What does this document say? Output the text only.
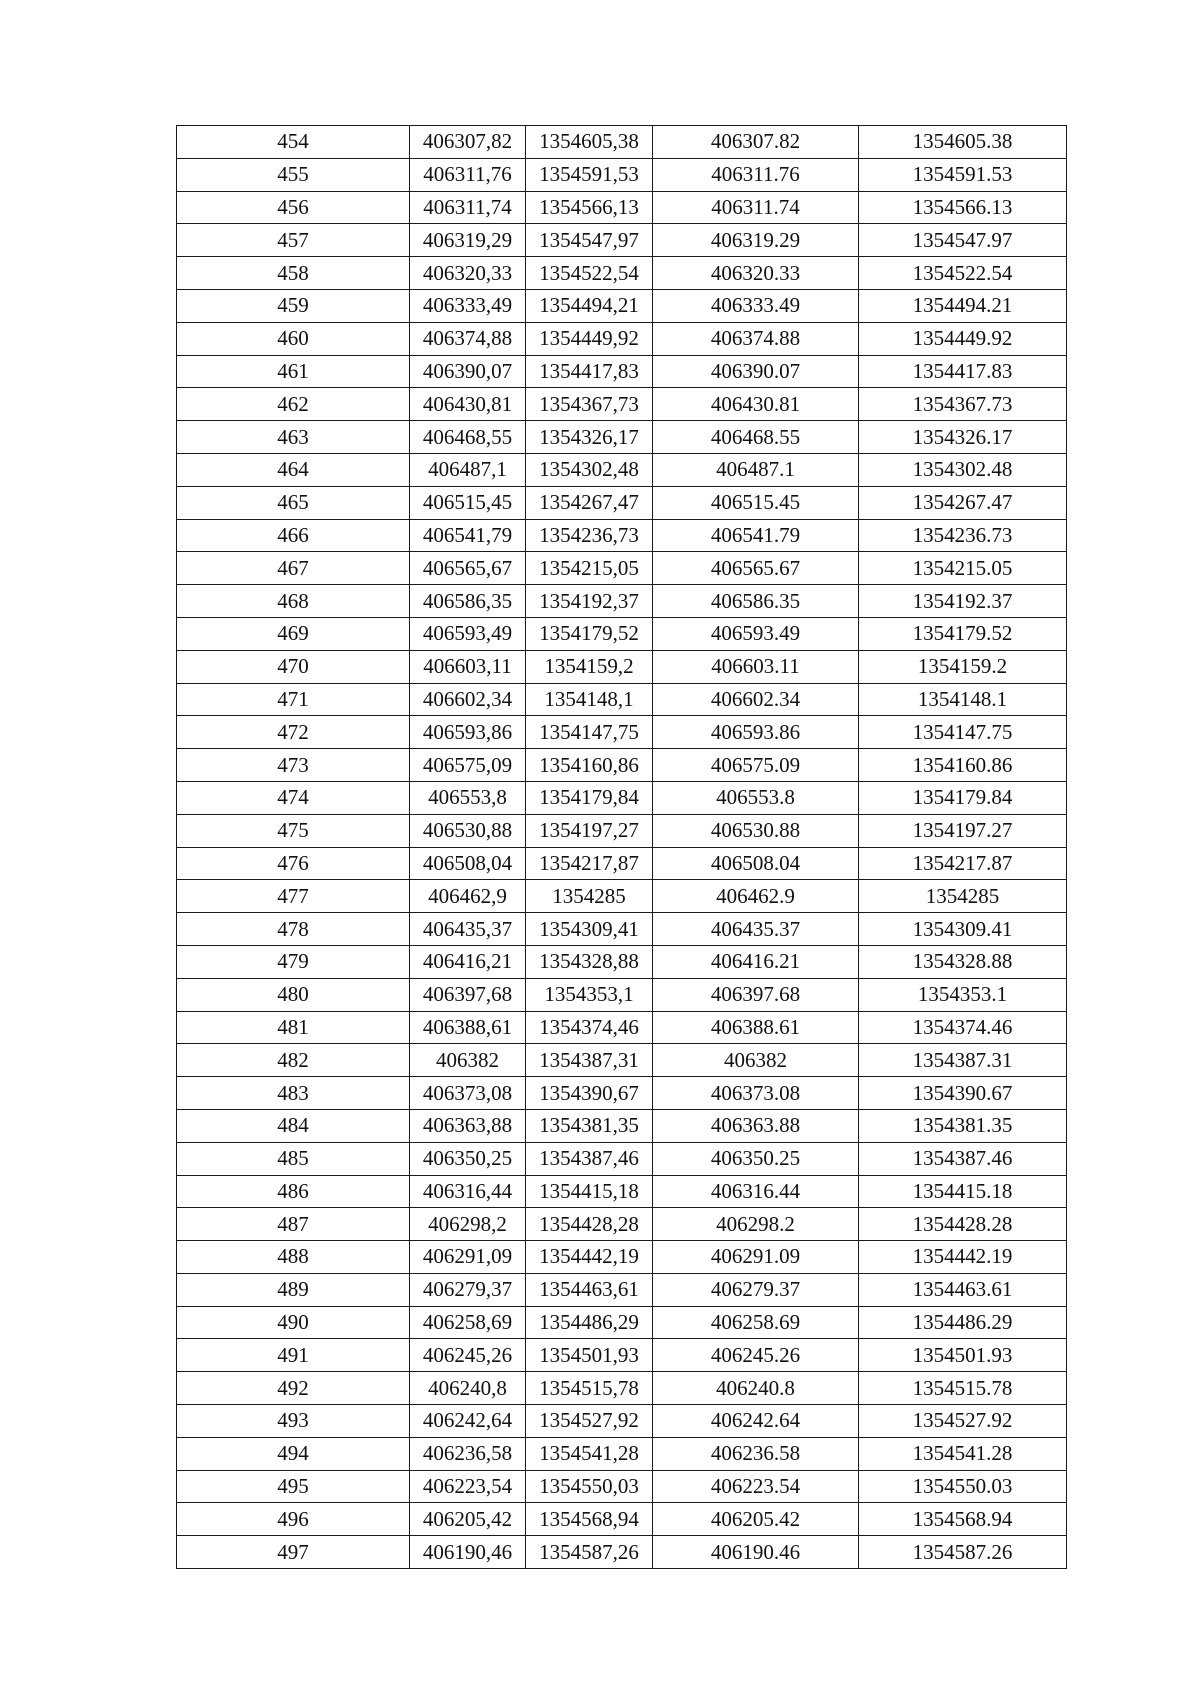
454	406307,82	1354605,38	406307.82	1354605.38
455	406311,76	1354591,53	406311.76	1354591.53
456	406311,74	1354566,13	406311.74	1354566.13
457	406319,29	1354547,97	406319.29	1354547.97
458	406320,33	1354522,54	406320.33	1354522.54
459	406333,49	1354494,21	406333.49	1354494.21
460	406374,88	1354449,92	406374.88	1354449.92
461	406390,07	1354417,83	406390.07	1354417.83
462	406430,81	1354367,73	406430.81	1354367.73
463	406468,55	1354326,17	406468.55	1354326.17
464	406487,1	1354302,48	406487.1	1354302.48
465	406515,45	1354267,47	406515.45	1354267.47
466	406541,79	1354236,73	406541.79	1354236.73
467	406565,67	1354215,05	406565.67	1354215.05
468	406586,35	1354192,37	406586.35	1354192.37
469	406593,49	1354179,52	406593.49	1354179.52
470	406603,11	1354159,2	406603.11	1354159.2
471	406602,34	1354148,1	406602.34	1354148.1
472	406593,86	1354147,75	406593.86	1354147.75
473	406575,09	1354160,86	406575.09	1354160.86
474	406553,8	1354179,84	406553.8	1354179.84
475	406530,88	1354197,27	406530.88	1354197.27
476	406508,04	1354217,87	406508.04	1354217.87
477	406462,9	1354285	406462.9	1354285
478	406435,37	1354309,41	406435.37	1354309.41
479	406416,21	1354328,88	406416.21	1354328.88
480	406397,68	1354353,1	406397.68	1354353.1
481	406388,61	1354374,46	406388.61	1354374.46
482	406382	1354387,31	406382	1354387.31
483	406373,08	1354390,67	406373.08	1354390.67
484	406363,88	1354381,35	406363.88	1354381.35
485	406350,25	1354387,46	406350.25	1354387.46
486	406316,44	1354415,18	406316.44	1354415.18
487	406298,2	1354428,28	406298.2	1354428.28
488	406291,09	1354442,19	406291.09	1354442.19
489	406279,37	1354463,61	406279.37	1354463.61
490	406258,69	1354486,29	406258.69	1354486.29
491	406245,26	1354501,93	406245.26	1354501.93
492	406240,8	1354515,78	406240.8	1354515.78
493	406242,64	1354527,92	406242.64	1354527.92
494	406236,58	1354541,28	406236.58	1354541.28
495	406223,54	1354550,03	406223.54	1354550.03
496	406205,42	1354568,94	406205.42	1354568.94
497	406190,46	1354587,26	406190.46	1354587.26
